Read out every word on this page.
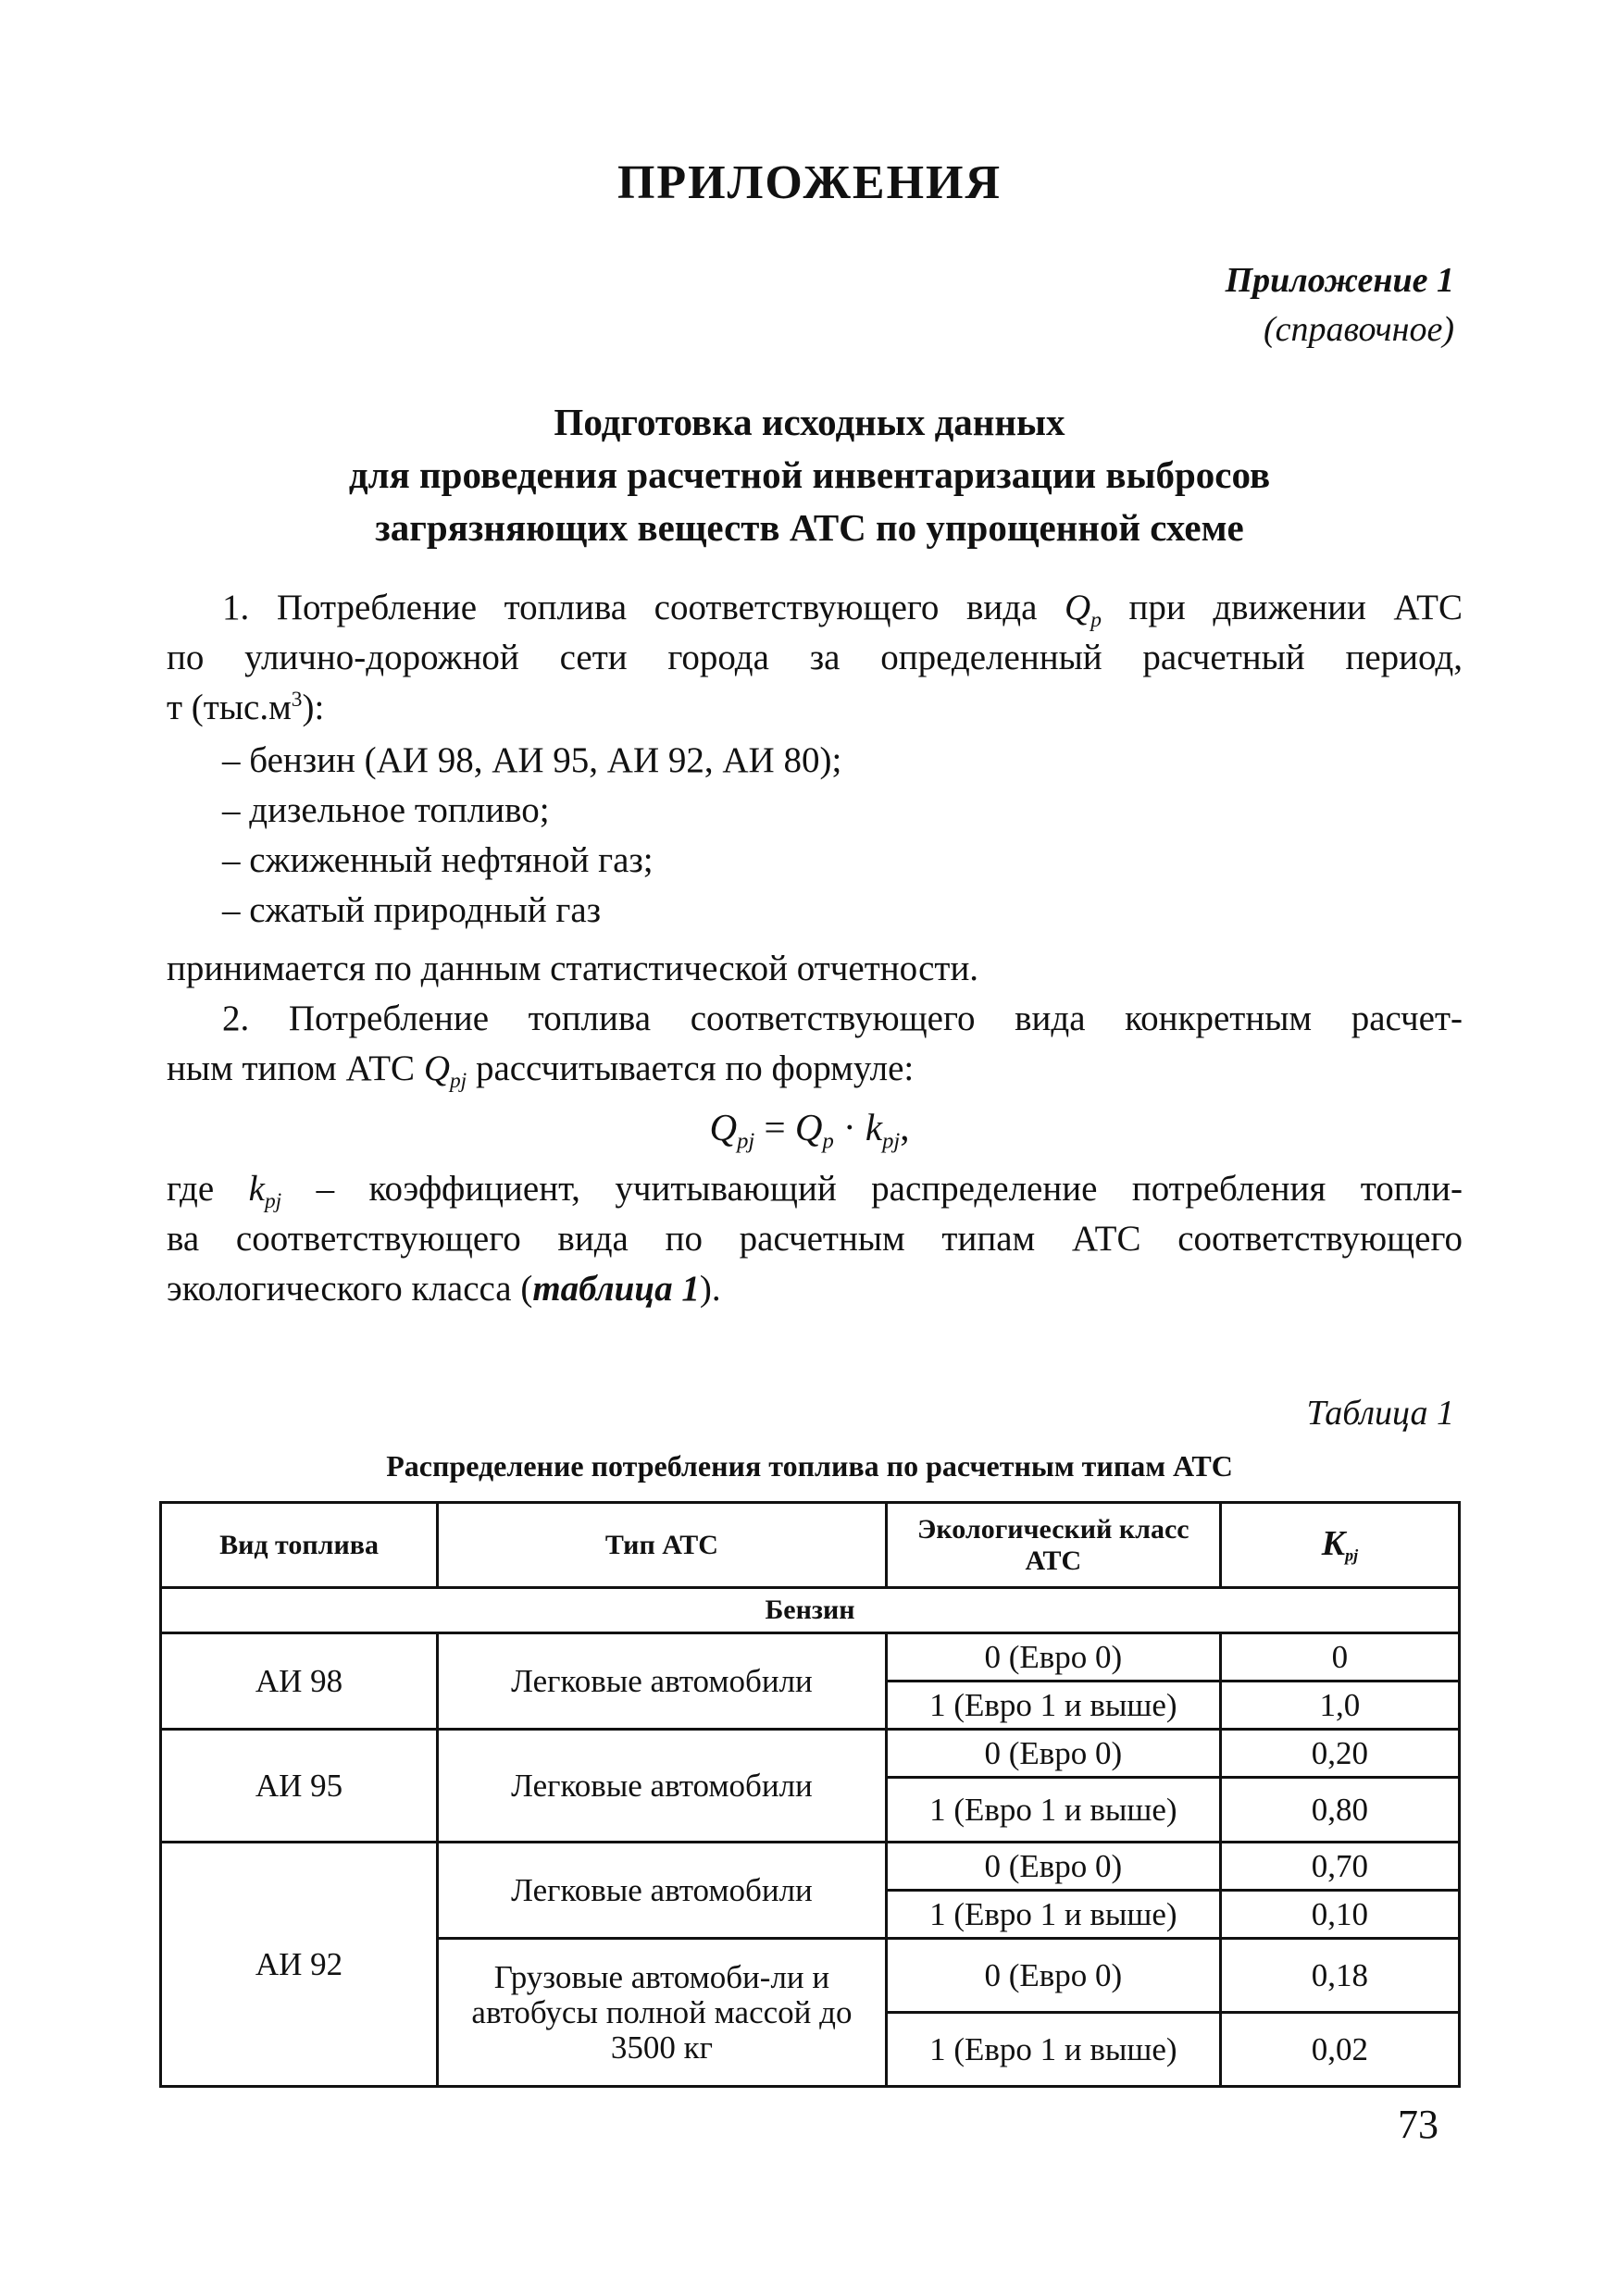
ПРИЛОЖЕНИЯ
Приложение 1
(справочное)
Подготовка исходных данных
для проведения расчетной инвентаризации выбросов
загрязняющих веществ АТС по упрощенной схеме
1. Потребление топлива соответствующего вида $Q_p$ при движении АТС
по улично-дорожной сети города за определенный расчетный период,
т $(тыс.м^3)$:
– бензин (АИ 98, АИ 95, АИ 92, АИ 80);
– дизельное топливо;
– сжиженный нефтяной газ;
– сжатый природный газ
принимается по данным статистической отчетности.
2. Потребление топлива соответствующего вида конкретным расчет-
ным типом АТС $Q_{pj}$ рассчитывается по формуле:
$Q_{pj} = Q_p \cdot k_{pj}$,
где $k_{pj}$ – коэффициент, учитывающий распределение потребления топли-
ва соответствующего вида по расчетным типам АТС соответствующего
экологического класса (таблица 1).
Таблица 1
Распределение потребления топлива по расчетным типам АТС
Вид топлива	Тип АТС	Экологический класс АТС	$K_{pj}$
Бензин			
АИ 98	Легковые автомобили	0 (Евро 0)	0
		1 (Евро 1 и выше)	1,0
АИ 95	Легковые автомобили	0 (Евро 0)	0,20
		1 (Евро 1 и выше)	0,80
АИ 92	Легковые автомобили	0 (Евро 0)	0,70
		1 (Евро 1 и выше)	0,10
	Грузовые автомоби-ли и автобусы полной массой до 3500 кг	0 (Евро 0)	0,18
		1 (Евро 1 и выше)	0,02
73
